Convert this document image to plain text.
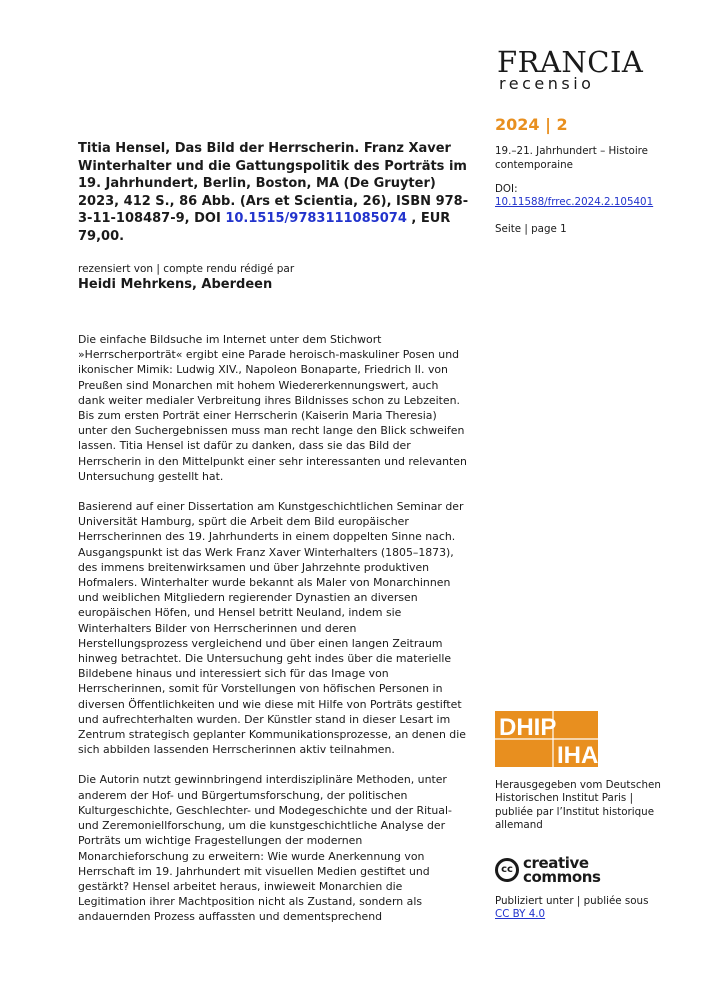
FRANCIA
recensio
2024 | 2
19.–21. Jahrhundert – Histoire contemporaine
DOI:
10.11588/frrec.2024.2.105401
Seite | page 1
Titia Hensel, Das Bild der Herrscherin. Franz Xaver Winterhalter und die Gattungspolitik des Porträts im 19. Jahrhundert, Berlin, Boston, MA (De Gruyter) 2023, 412 S., 86 Abb. (Ars et Scientia, 26), ISBN 978-3-11-108487-9, DOI 10.1515/9783111085074 , EUR 79,00.
rezensiert von | compte rendu rédigé par
Heidi Mehrkens, Aberdeen

Die einfache Bildsuche im Internet unter dem Stichwort »Herrscherporträt« ergibt eine Parade heroisch-maskuliner Posen und ikonischer Mimik: Ludwig XIV., Napoleon Bonaparte, Friedrich II. von Preußen sind Monarchen mit hohem Wiedererkennungswert, auch dank weiter medialer Verbreitung ihres Bildnisses schon zu Lebzeiten. Bis zum ersten Porträt einer Herrscherin (Kaiserin Maria Theresia) unter den Suchergebnissen muss man recht lange den Blick schweifen lassen. Titia Hensel ist dafür zu danken, dass sie das Bild der Herrscherin in den Mittelpunkt einer sehr interessanten und relevanten Untersuchung gestellt hat.

Basierend auf einer Dissertation am Kunstgeschichtlichen Seminar der Universität Hamburg, spürt die Arbeit dem Bild europäischer Herrscherinnen des 19. Jahrhunderts in einem doppelten Sinne nach. Ausgangspunkt ist das Werk Franz Xaver Winterhalters (1805–1873), des immens breitenwirksamen und über Jahrzehnte produktiven Hofmalers. Winterhalter wurde bekannt als Maler von Monarchinnen und weiblichen Mitgliedern regierender Dynastien an diversen europäischen Höfen, und Hensel betritt Neuland, indem sie Winterhalters Bilder von Herrscherinnen und deren Herstellungsprozess vergleichend und über einen langen Zeitraum hinweg betrachtet. Die Untersuchung geht indes über die materielle Bildebene hinaus und interessiert sich für das Image von Herrscherinnen, somit für Vorstellungen von höfischen Personen in diversen Öffentlichkeiten und wie diese mit Hilfe von Porträts gestiftet und aufrechterhalten wurden. Der Künstler stand in dieser Lesart im Zentrum strategisch geplanter Kommunikationsprozesse, an denen die sich abbilden lassenden Herrscherinnen aktiv teilnahmen.

Die Autorin nutzt gewinnbringend interdisziplinäre Methoden, unter anderem der Hof- und Bürgertumsforschung, der politischen Kulturgeschichte, Geschlechter- und Modegeschichte und der Ritual- und Zeremoniellforschung, um die kunstgeschichtliche Analyse der Porträts um wichtige Fragestellungen der modernen Monarchieforschung zu erweitern: Wie wurde Anerkennung von Herrschaft im 19. Jahrhundert mit visuellen Medien gestiftet und gestärkt? Hensel arbeitet heraus, inwieweit Monarchien die Legitimation ihrer Machtposition nicht als Zustand, sondern als andauernden Prozess auffassten und dementsprechend

DHIP
IHA
Herausgegeben vom Deutschen Historischen Institut Paris | publiée par l’Institut historique allemand
cc creative
commons
Publiziert unter | publiée sous
CC BY 4.0
